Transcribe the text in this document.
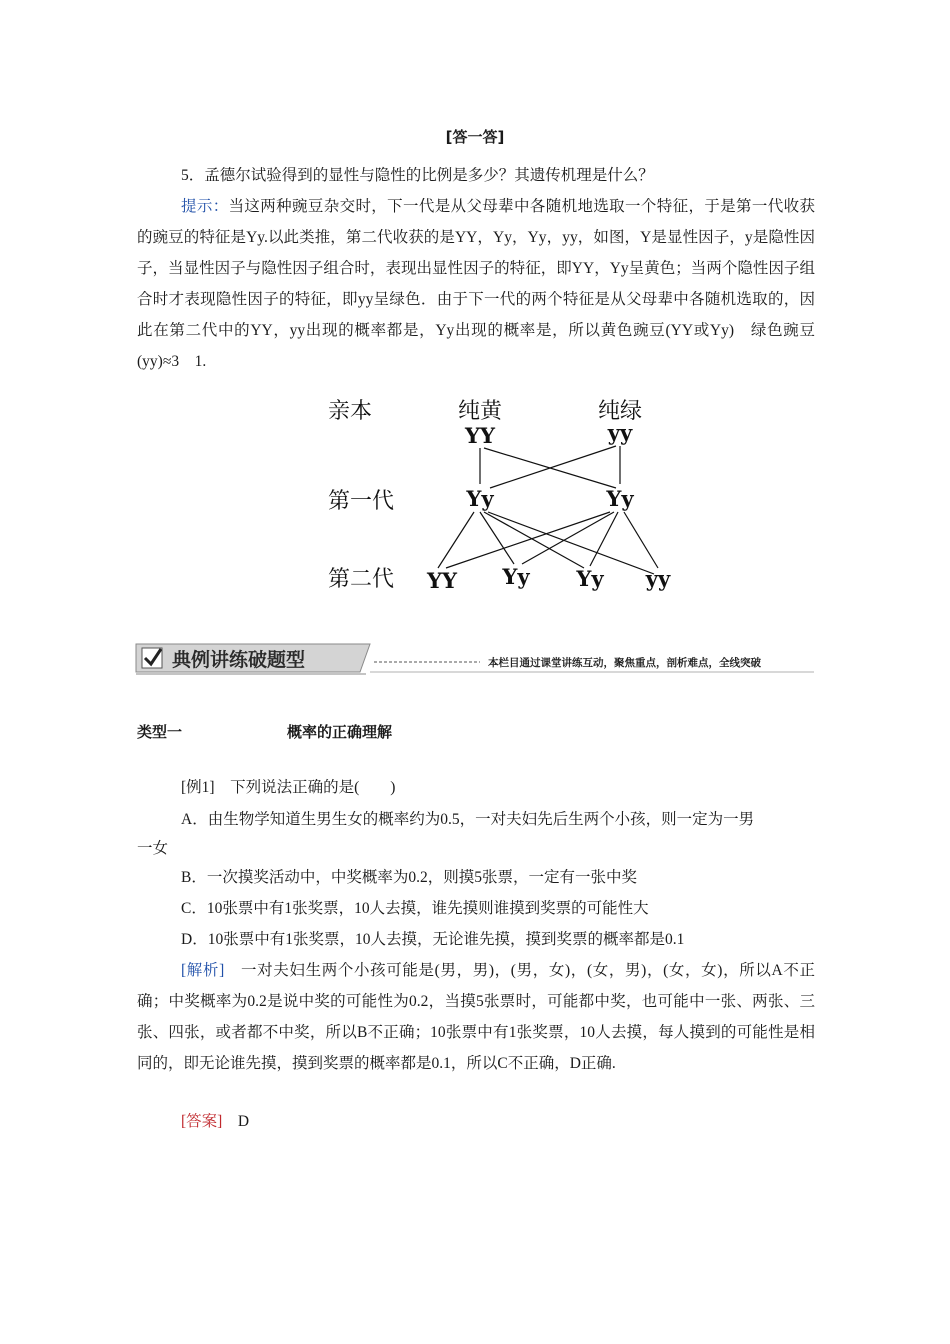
[答一答]
5．孟德尔试验得到的显性与隐性的比例是多少？其遗传机理是什么？
提示：当这两种豌豆杂交时，下一代是从父母辈中各随机地选取一个特征，于是第一代收获的豌豆的特征是Yy.以此类推，第二代收获的是YY，Yy，Yy，yy，如图，Y是显性因子，y是隐性因子，当显性因子与隐性因子组合时，表现出显性因子的特征，即YY，Yy呈黄色；当两个隐性因子组合时才表现隐性因子的特征，即yy呈绿色．由于下一代的两个特征是从父母辈中各随机选取的，因此在第二代中的YY，yy出现的概率都是，Yy出现的概率是，所以黄色豌豆(YY或Yy)　绿色豌豆(yy)≈3　1.
亲本
第一代
第二代
纯黄
YY
纯绿
yy
Yy	Yy
YY Yy Yy yy
典例讲练破题型	本栏目通过课堂讲练互动，聚焦重点，剖析难点，全线突破
类型一	概率的正确理解
[例1]　 下列说法正确的是(　　)
A．由生物学知道生男生女的概率约为0.5，一对夫妇先后生两个小孩，则一定为一男
一女
B．一次摸奖活动中，中奖概率为0.2，则摸5张票，一定有一张中奖
C．10张票中有1张奖票，10人去摸，谁先摸则谁摸到奖票的可能性大
D．10张票中有1张奖票，10人去摸，无论谁先摸，摸到奖票的概率都是0.1
[解析]　 一对夫妇生两个小孩可能是(男，男)，(男，女)，(女，男)，(女，女)，所以A不正确；中奖概率为0.2是说中奖的可能性为0.2，当摸5张票时，可能都中奖，也可能中一张、两张、三张、四张，或者都不中奖，所以B不正确；10张票中有1张奖票，10人去摸，每人摸到的可能性是相同的，即无论谁先摸，摸到奖票的概率都是0.1，所以C不正确，D正确.
[答案]　 D
